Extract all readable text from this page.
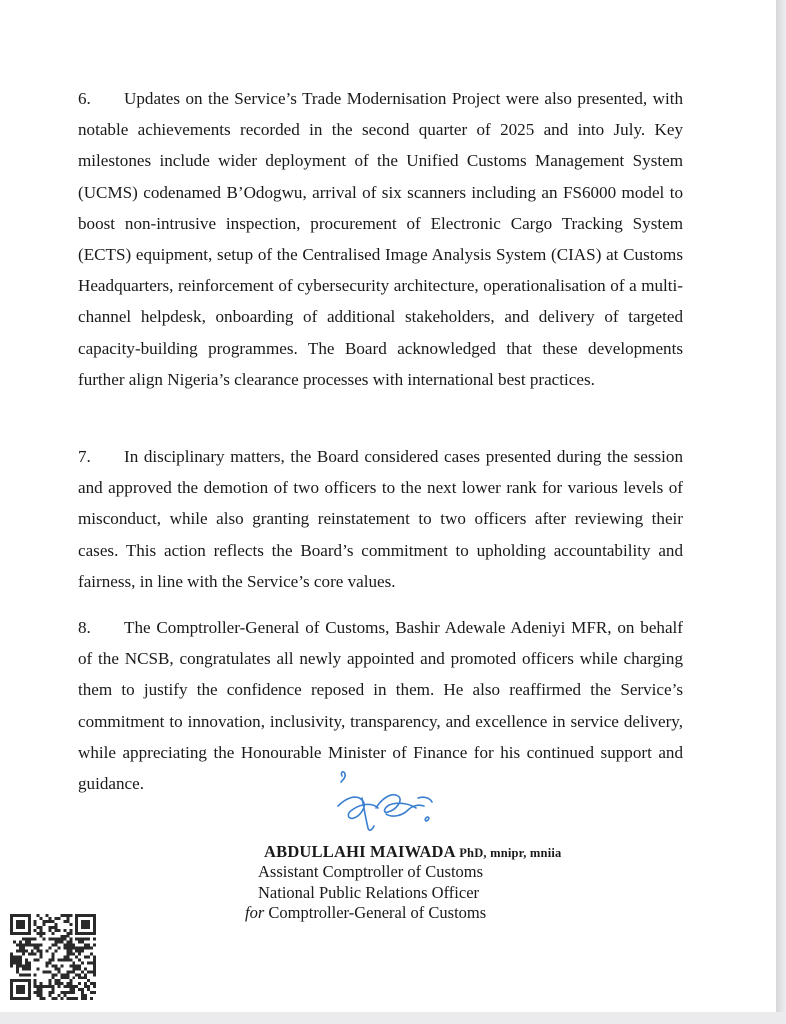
6. Updates on the Service’s Trade Modernisation Project were also presented, with notable achievements recorded in the second quarter of 2025 and into July. Key milestones include wider deployment of the Unified Customs Management System (UCMS) codenamed B’Odogwu, arrival of six scanners including an FS6000 model to boost non-intrusive inspection, procurement of Electronic Cargo Tracking System (ECTS) equipment, setup of the Centralised Image Analysis System (CIAS) at Customs Headquarters, reinforcement of cybersecurity architecture, operationalisation of a multi-channel helpdesk, onboarding of additional stakeholders, and delivery of targeted capacity-building programmes. The Board acknowledged that these developments further align Nigeria’s clearance processes with international best practices.

7. In disciplinary matters, the Board considered cases presented during the session and approved the demotion of two officers to the next lower rank for various levels of misconduct, while also granting reinstatement to two officers after reviewing their cases. This action reflects the Board’s commitment to upholding accountability and fairness, in line with the Service’s core values.

8. The Comptroller-General of Customs, Bashir Adewale Adeniyi MFR, on behalf of the NCSB, congratulates all newly appointed and promoted officers while charging them to justify the confidence reposed in them. He also reaffirmed the Service’s commitment to innovation, inclusivity, transparency, and excellence in service delivery, while appreciating the Honourable Minister of Finance for his continued support and guidance.

ABDULLAHI MAIWADA PhD, mnipr, mniia
Assistant Comptroller of Customs
National Public Relations Officer
for Comptroller-General of Customs
